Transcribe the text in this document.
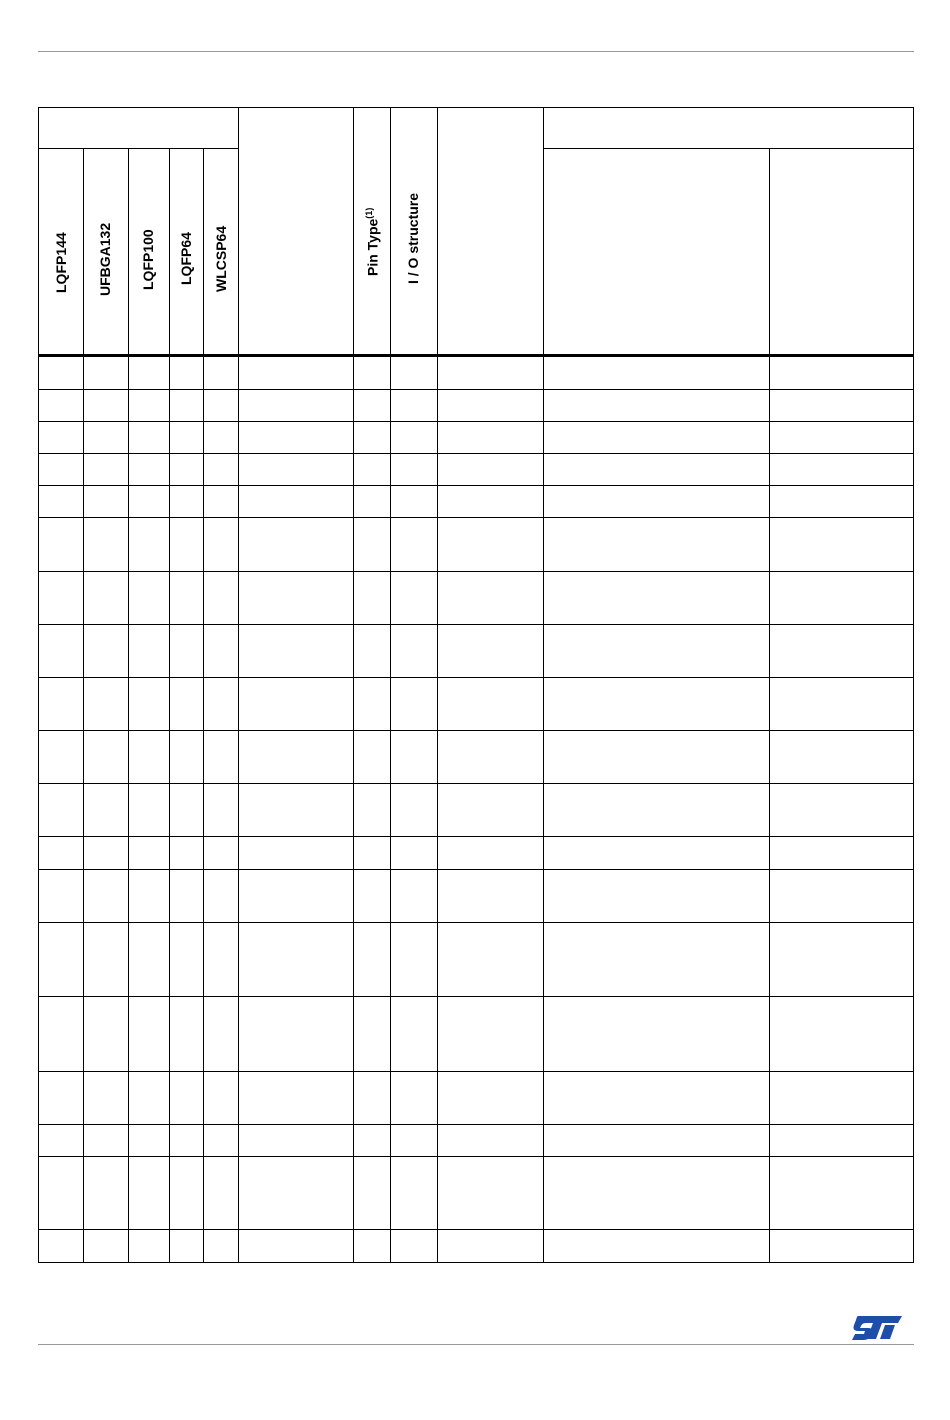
LQFP144 UFBGA132 LQFP100 LQFP64 WLCSP64	Pin Type$^{(1)}$	I / O structure
